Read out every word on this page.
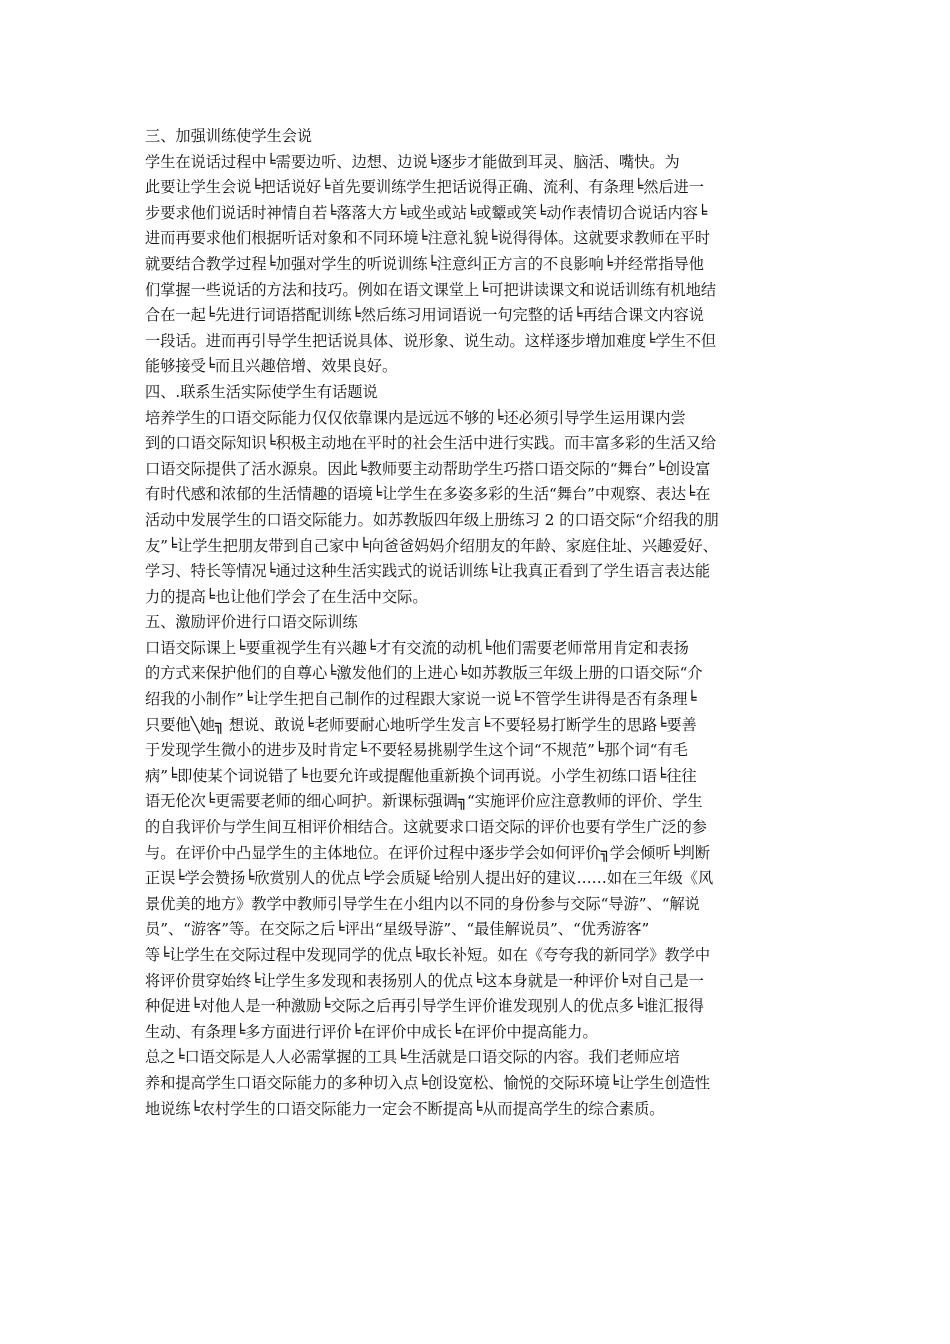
三、加强训练使学生会说
学生在说话过程中╘需要边听、边想、边说╘逐步才能做到耳灵、脑活、嘴快。为
此要让学生会说╘把话说好╘首先要训练学生把话说得正确、流利、有条理╘然后进一
步要求他们说话时神情自若╘落落大方╘或坐或站╘或颦或笑╘动作表情切合说话内容╘
进而再要求他们根据听话对象和不同环境╘注意礼貌╘说得得体。这就要求教师在平时
就要结合教学过程╘加强对学生的听说训练╘注意纠正方言的不良影响╘并经常指导他
们掌握一些说话的方法和技巧。例如在语文课堂上╘可把讲读课文和说话训练有机地结
合在一起╘先进行词语搭配训练╘然后练习用词语说一句完整的话╘再结合课文内容说
一段话。进而再引导学生把话说具体、说形象、说生动。这样逐步增加难度╘学生不但
能够接受╘而且兴趣倍增、效果良好。
四、.联系生活实际使学生有话题说
培养学生的口语交际能力仅仅依靠课内是远远不够的╘还必须引导学生运用课内尝
到的口语交际知识╘积极主动地在平时的社会生活中进行实践。而丰富多彩的生活又给
口语交际提供了活水源泉。因此╘教师要主动帮助学生巧搭口语交际的“舞台”╘创设富
有时代感和浓郁的生活情趣的语境╘让学生在多姿多彩的生活“舞台”中观察、表达╘在
活动中发展学生的口语交际能力。如苏教版四年级上册练习 2 的口语交际“介绍我的朋
友”╘让学生把朋友带到自己家中╘向爸爸妈妈介绍朋友的年龄、家庭住址、兴趣爱好、
学习、特长等情况╘通过这种生活实践式的说话训练╘让我真正看到了学生语言表达能
力的提高╘也让他们学会了在生活中交际。
五、激励评价进行口语交际训练
口语交际课上╘要重视学生有兴趣╘才有交流的动机╘他们需要老师常用肯定和表扬
的方式来保护他们的自尊心╘激发他们的上进心╘如苏教版三年级上册的口语交际“介
绍我的小制作”╘让学生把自己制作的过程跟大家说一说╘不管学生讲得是否有条理╘
只要他╲她╗ 想说、敢说╘老师要耐心地听学生发言╘不要轻易打断学生的思路╘要善
于发现学生微小的进步及时肯定╘不要轻易挑剔学生这个词“不规范”╘那个词“有毛
病”╘即使某个词说错了╘也要允许或提醒他重新换个词再说。小学生初练口语╘往往
语无伦次╘更需要老师的细心呵护。新课标强调╗“实施评价应注意教师的评价、学生
的自我评价与学生间互相评价相结合。这就要求口语交际的评价也要有学生广泛的参
与。在评价中凸显学生的主体地位。在评价过程中逐步学会如何评价╗学会倾听╘判断
正误╘学会赞扬╘欣赏别人的优点╘学会质疑╘给别人提出好的建议……如在三年级《风
景优美的地方》教学中教师引导学生在小组内以不同的身份参与交际“导游”、“解说
员”、“游客”等。在交际之后╘评出“星级导游”、“最佳解说员”、“优秀游客”
等╘让学生在交际过程中发现同学的优点╘取长补短。如在《夸夸我的新同学》教学中
将评价贯穿始终╘让学生多发现和表扬别人的优点╘这本身就是一种评价╘对自己是一
种促进╘对他人是一种激励╘交际之后再引导学生评价谁发现别人的优点多╘谁汇报得
生动、有条理╘多方面进行评价╘在评价中成长╘在评价中提高能力。
总之╘口语交际是人人必需掌握的工具╘生活就是口语交际的内容。我们老师应培
养和提高学生口语交际能力的多种切入点╘创设宽松、愉悦的交际环境╘让学生创造性
地说练╘农村学生的口语交际能力一定会不断提高╘从而提高学生的综合素质。
